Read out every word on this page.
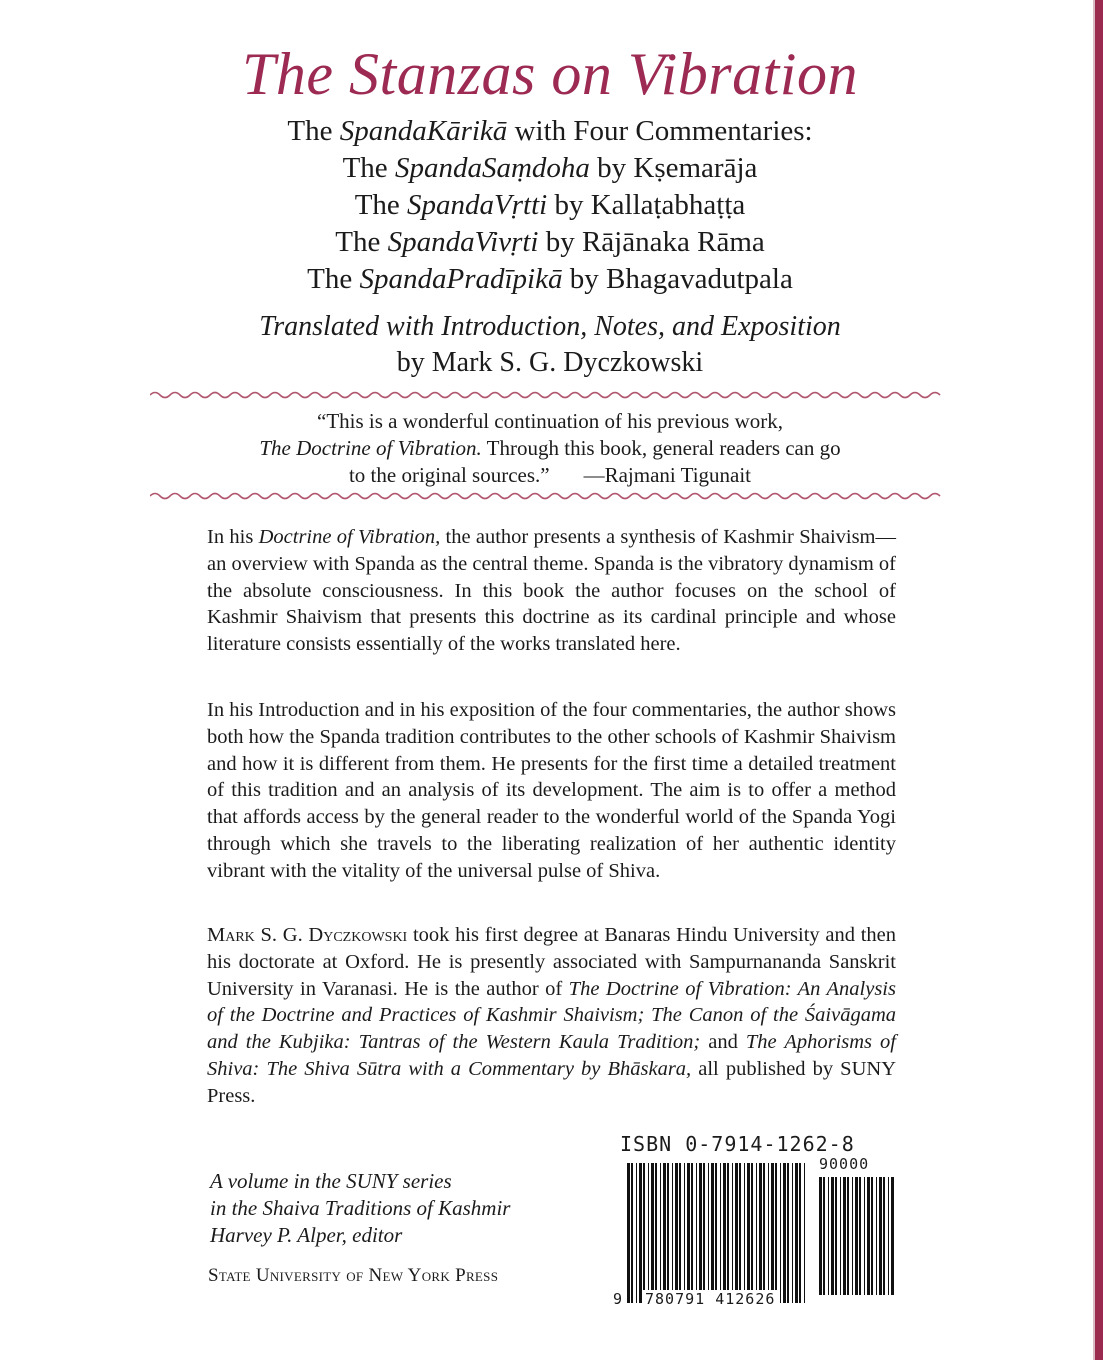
The Stanzas on Vibration
The SpandaKārikā with Four Commentaries:
The SpandaSaṃdoha by Kṣemarāja
The SpandaVṛtti by Kallaṭabhaṭṭa
The SpandaVivṛti by Rājānaka Rāma
The SpandaPradīpikā by Bhagavadutpala
Translated with Introduction, Notes, and Exposition
by Mark S. G. Dyczkowski
“This is a wonderful continuation of his previous work,
The Doctrine of Vibration. Through this book, general readers can go
to the original sources.” —Rajmani Tigunait
In his Doctrine of Vibration, the author presents a synthesis of Kashmir Shaivism—an overview with Spanda as the central theme. Spanda is the vibratory dynamism of the absolute consciousness. In this book the author focuses on the school of Kashmir Shaivism that presents this doctrine as its cardinal principle and whose literature consists essentially of the works translated here.
In his Introduction and in his exposition of the four commentaries, the author shows both how the Spanda tradition contributes to the other schools of Kashmir Shaivism and how it is different from them. He presents for the first time a detailed treatment of this tradition and an analysis of its development. The aim is to offer a method that affords access by the general reader to the wonderful world of the Spanda Yogi through which she travels to the liberating realization of her authentic identity vibrant with the vitality of the universal pulse of Shiva.
Mark S. G. Dyczkowski took his first degree at Banaras Hindu University and then his doctorate at Oxford. He is presently associated with Sampurnananda Sanskrit University in Varanasi. He is the author of The Doctrine of Vibration: An Analysis of the Doctrine and Practices of Kashmir Shaivism; The Canon of the Śaivāgama and the Kubjika: Tantras of the Western Kaula Tradition; and The Aphorisms of Shiva: The Shiva Sūtra with a Commentary by Bhāskara, all published by SUNY Press.
A volume in the SUNY series
in the Shaiva Traditions of Kashmir
Harvey P. Alper, editor
State University of New York Press
ISBN 0-7914-1262-8
9 780791 412626
90000
